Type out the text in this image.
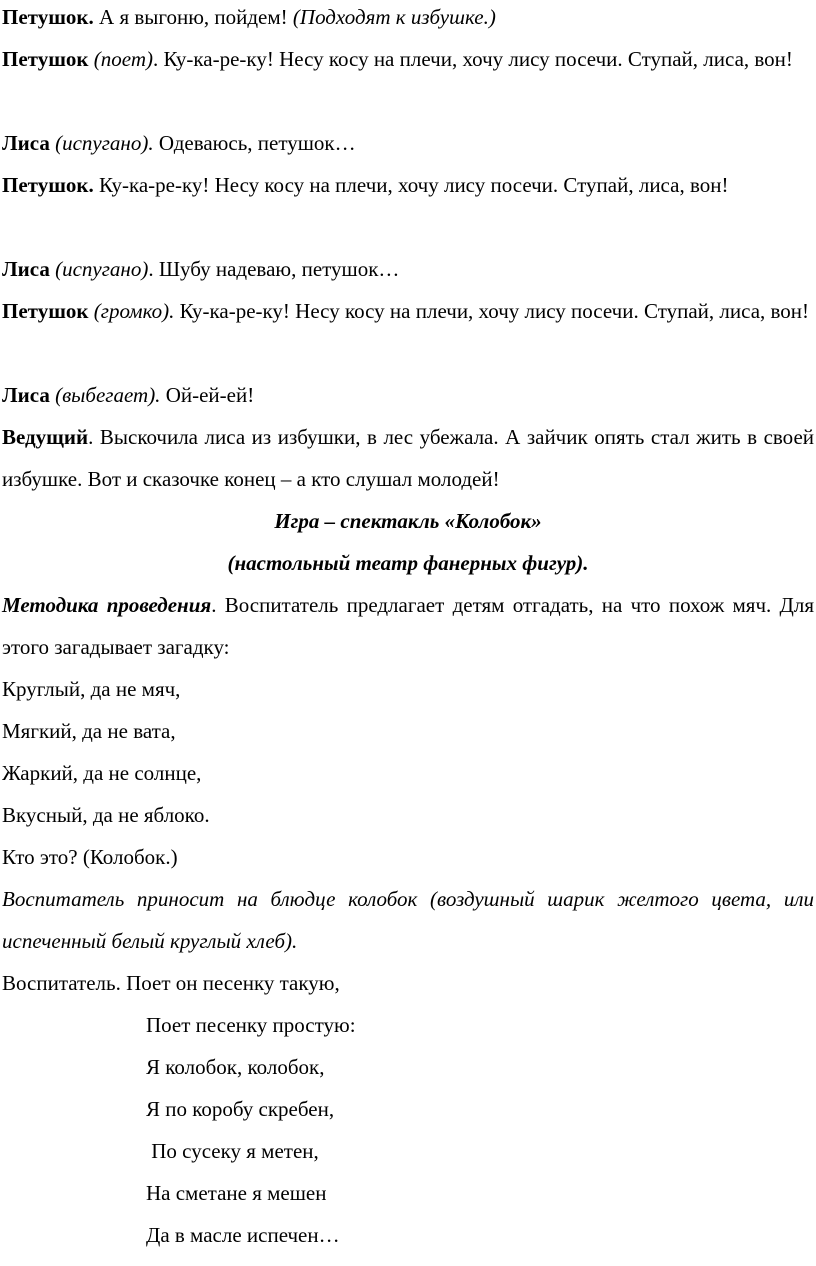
Петушок. А я выгоню, пойдем! (Подходят к избушке.)

Петушок (поет). Ку-ка-ре-ку! Несу косу на плечи, хочу лису посечи. Ступай, лиса, вон!

Лиса (испугано). Одеваюсь, петушок…

Петушок. Ку-ка-ре-ку! Несу косу на плечи, хочу лису посечи. Ступай, лиса, вон!

Лиса (испугано). Шубу надеваю, петушок…

Петушок (громко). Ку-ка-ре-ку! Несу косу на плечи, хочу лису посечи. Ступай, лиса, вон!

Лиса (выбегает). Ой-ей-ей!

Ведущий. Выскочила лиса из избушки, в лес убежала. А зайчик опять стал жить в своей избушке. Вот и сказочке конец – а кто слушал молодей!

Игра – спектакль «Колобок»

(настольный театр фанерных фигур).

Методика проведения. Воспитатель предлагает детям отгадать, на что похож мяч. Для этого загадывает загадку:

Круглый, да не мяч,

Мягкий, да не вата,

Жаркий, да не солнце,

Вкусный, да не яблоко.

Кто это? (Колобок.)

Воспитатель приносит на блюдце колобок (воздушный шарик желтого цвета, или испеченный белый круглый хлеб).

Воспитатель. Поет он песенку такую,

Поет песенку простую:

Я колобок, колобок,

Я по коробу скребен,

По сусеку я метен,

На сметане я мешен

Да в масле испечен…
